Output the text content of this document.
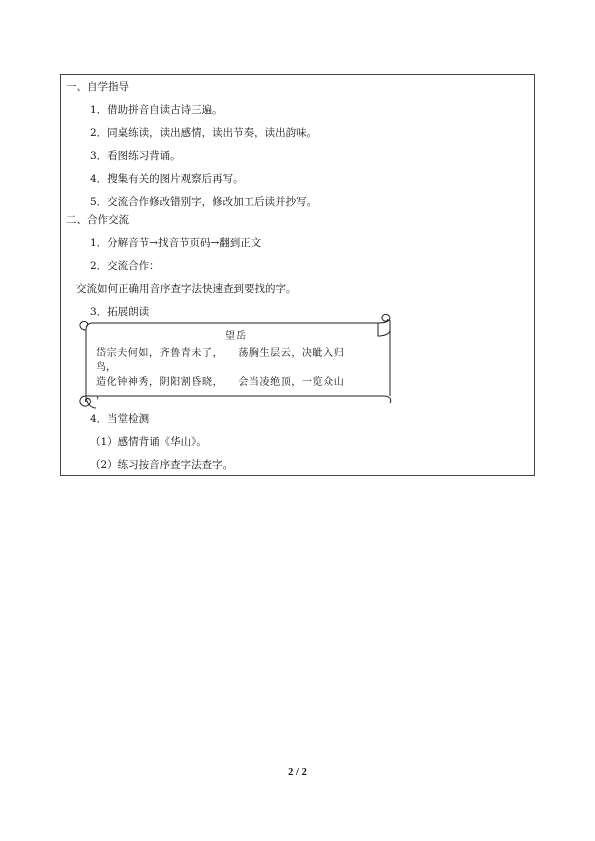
一、自学指导
1．借助拼音自读古诗三遍。
2．同桌练读，读出感情，读出节奏，读出韵味。
3．看图练习背诵。
4．搜集有关的图片观察后再写。
5．交流合作修改错别字，修改加工后读并抄写。
二、合作交流
1．分解音节→找音节页码→翻到正文
2．交流合作：
交流如何正确用音序查字法快速查到要找的字。
3．拓展朗读
望岳
岱宗夫何如，齐鲁青未了，    荡胸生层云，决眦入归
鸟，
造化钟神秀，阴阳割昏晓，    会当凌绝顶，一览众山
，
4．当堂检测
（1）感情背诵《华山》。
（2）练习按音序查字法查字。
2 / 2
